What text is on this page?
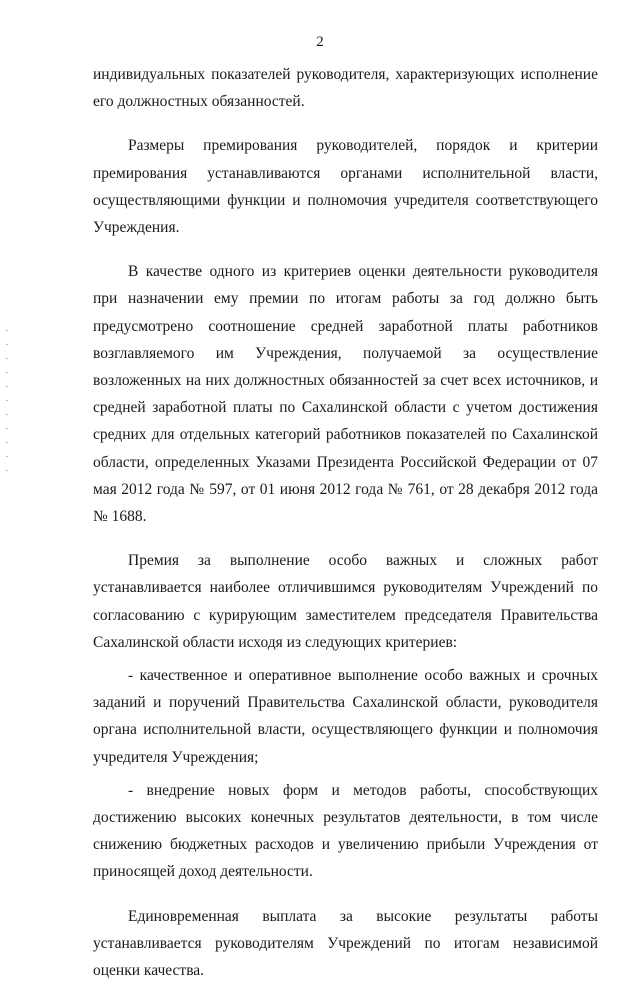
2

индивидуальных показателей руководителя, характеризующих исполнение его должностных обязанностей.

Размеры премирования руководителей, порядок и критерии премирования устанавливаются органами исполнительной власти, осуществляющими функции и полномочия учредителя соответствующего Учреждения.

В качестве одного из критериев оценки деятельности руководителя при назначении ему премии по итогам работы за год должно быть предусмотрено соотношение средней заработной платы работников возглавляемого им Учреждения, получаемой за осуществление возложенных на них должностных обязанностей за счет всех источников, и средней заработной платы по Сахалинской области с учетом достижения средних для отдельных категорий работников показателей по Сахалинской области, определенных Указами Президента Российской Федерации от 07 мая 2012 года № 597, от 01 июня 2012 года № 761, от 28 декабря 2012 года № 1688.

Премия за выполнение особо важных и сложных работ устанавливается наиболее отличившимся руководителям Учреждений по согласованию с курирующим заместителем председателя Правительства Сахалинской области исходя из следующих критериев:

- качественное и оперативное выполнение особо важных и срочных заданий и поручений Правительства Сахалинской области, руководителя органа исполнительной власти, осуществляющего функции и полномочия учредителя Учреждения;

- внедрение новых форм и методов работы, способствующих достижению высоких конечных результатов деятельности, в том числе снижению бюджетных расходов и увеличению прибыли Учреждения от приносящей доход деятельности.

Единовременная выплата за высокие результаты работы устанавливается руководителям Учреждений по итогам независимой оценки качества.
